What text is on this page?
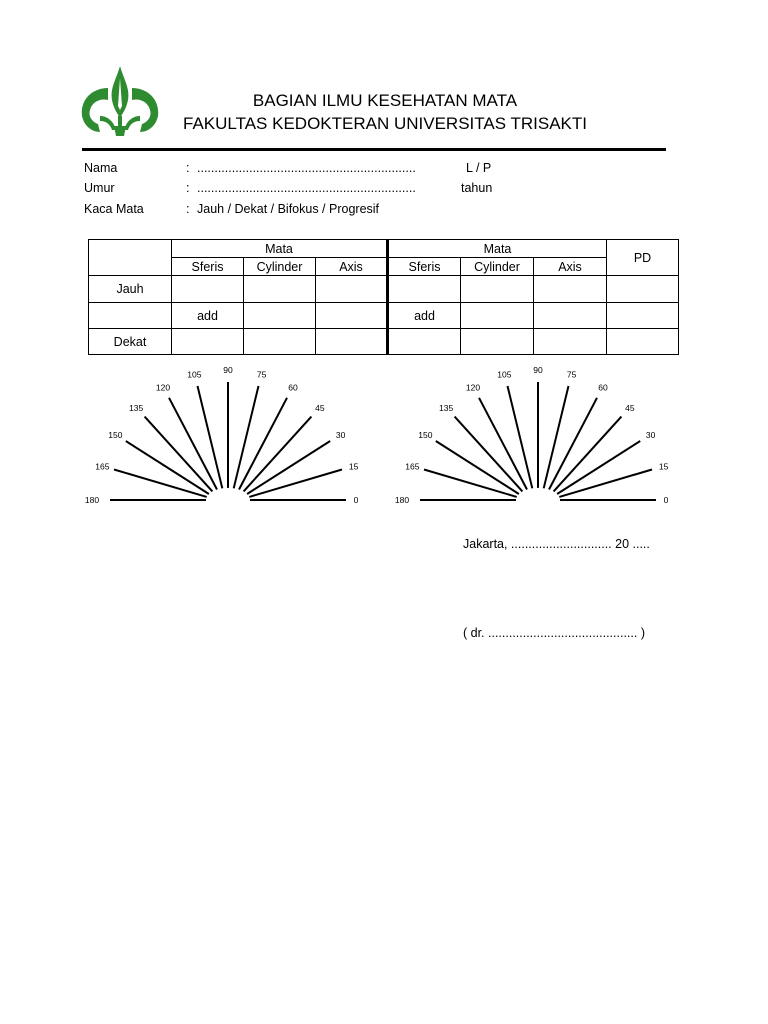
BAGIAN ILMU KESEHATAN MATA
FAKULTAS KEDOKTERAN UNIVERSITAS TRISAKTI
Nama	: ...............................................................	L / P
Umur	: ...............................................................	tahun
Kaca Mata	: Jauh / Dekat / Bifokus / Progresif
	Mata			Mata			PD
	Sferis	Cylinder	Axis	Sferis	Cylinder	Axis	
Jauh							
	add			add			
Dekat							
180
165
150
135
120
105	90	75
60
45
30
15
0	180
165
150
135
120
105	90	75
60
45
30
15
0
Jakarta, ............................. 20 .....
( dr. ........................................... )
